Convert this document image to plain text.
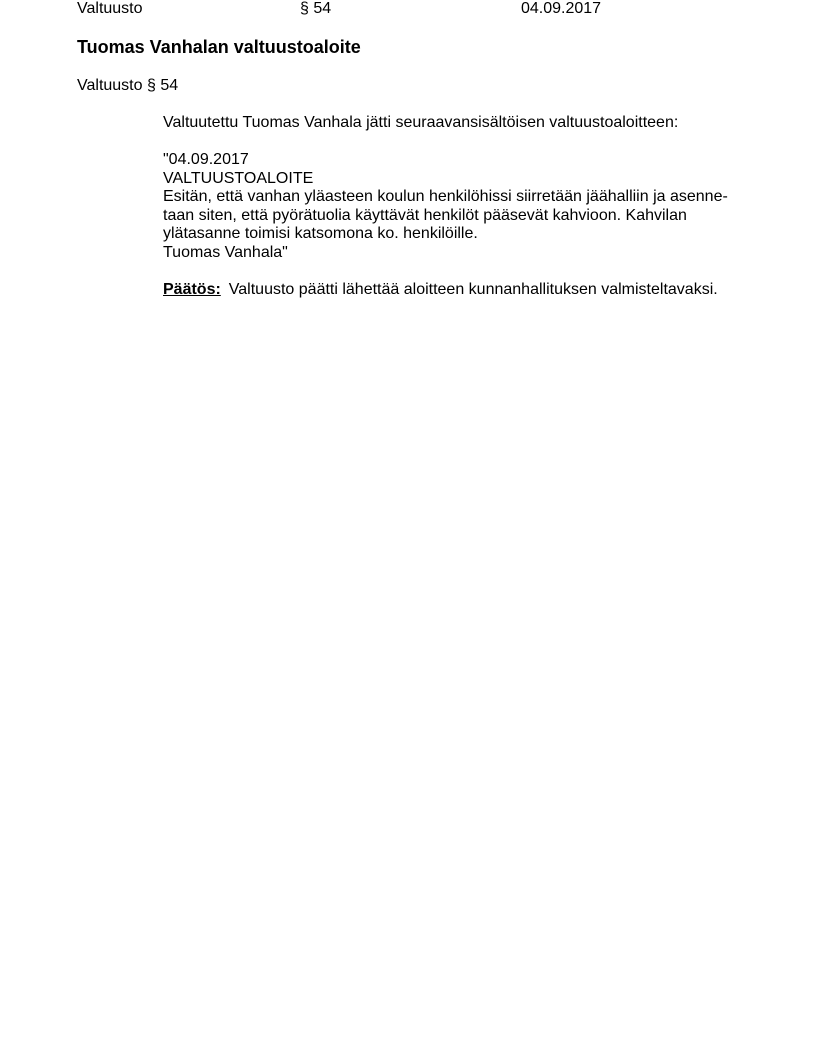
Valtuusto	§ 54	04.09.2017
Tuomas Vanhalan valtuustoaloite
Valtuusto § 54

Valtuutettu Tuomas Vanhala jätti seuraavansisältöisen valtuustoaloitteen:

"04.09.2017
VALTUUSTOALOITE
Esitän, että vanhan yläasteen koulun henkilöhissi siirretään jäähalliin ja asenne-
taan siten, että pyörätuolia käyttävät henkilöt pääsevät kahvioon. Kahvilan
ylätasanne toimisi katsomona ko. henkilöille.
Tuomas Vanhala"

Päätös: Valtuusto päätti lähettää aloitteen kunnanhallituksen valmisteltavaksi.
